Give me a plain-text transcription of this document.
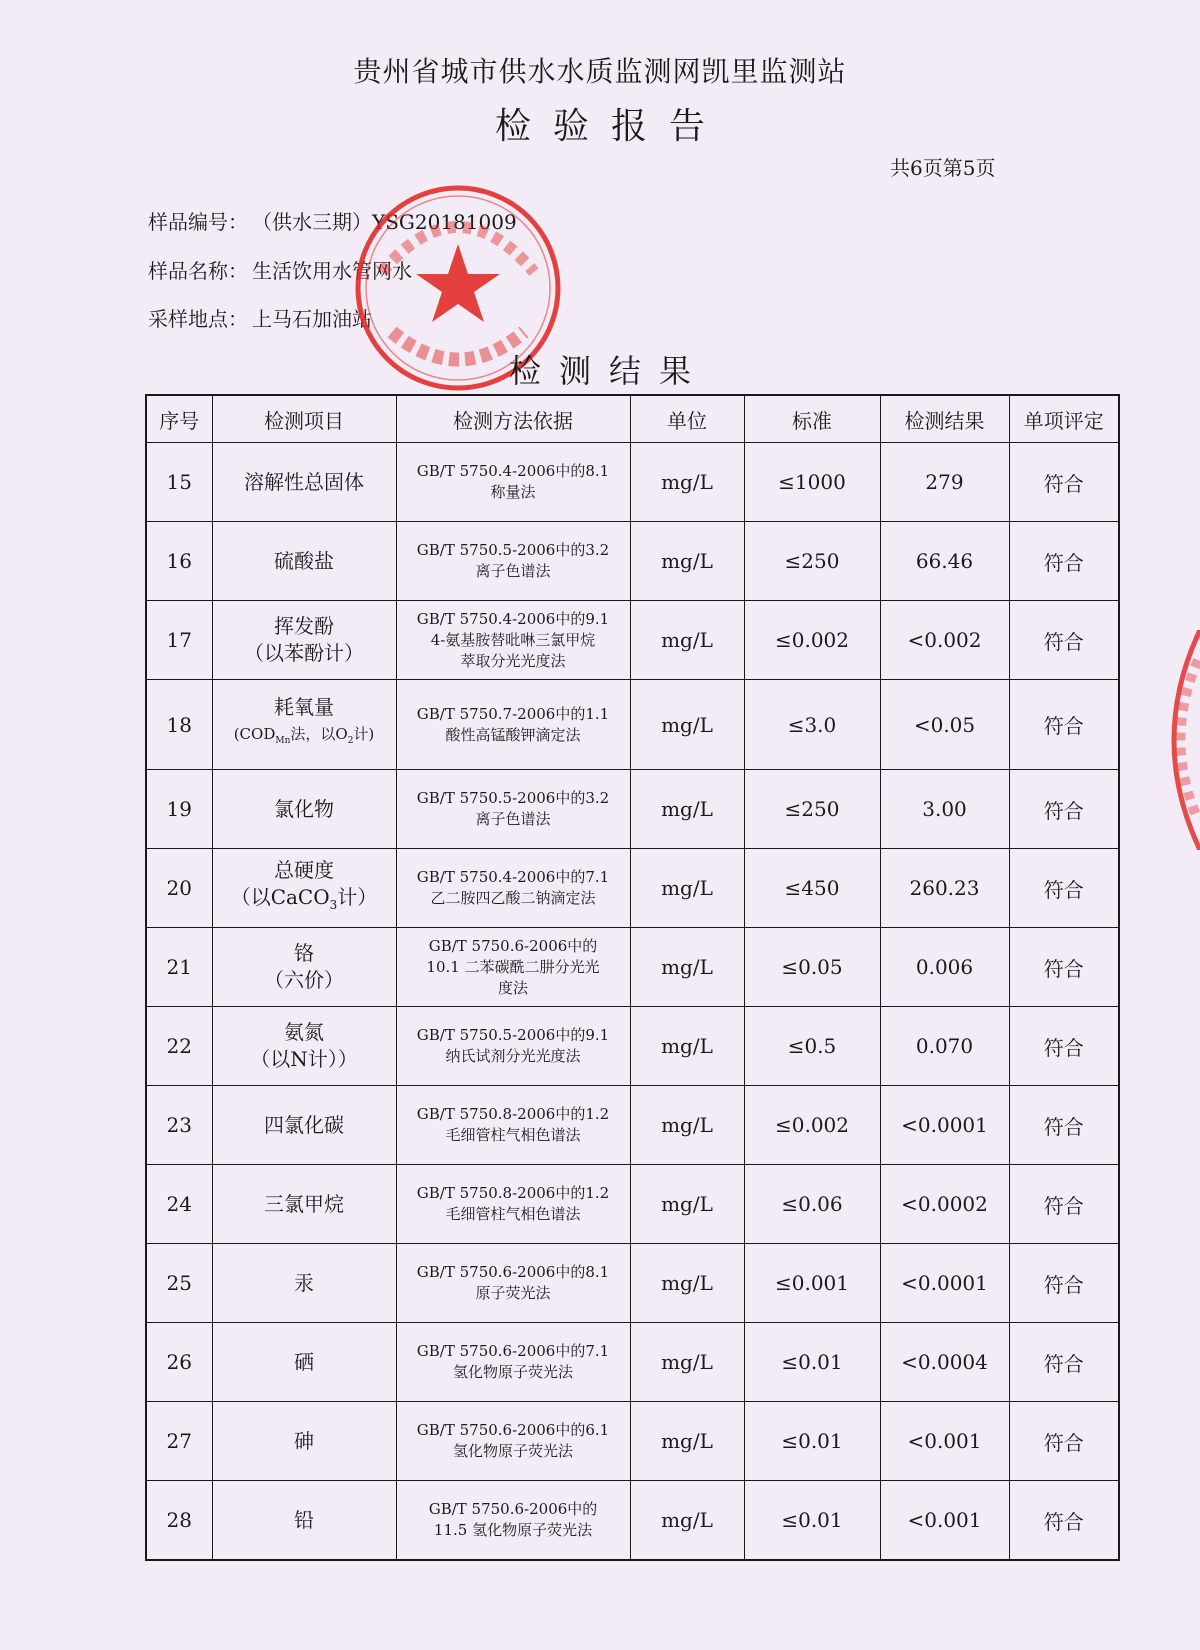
贵州省城市供水水质监测网凯里监测站
检验报告
共6页第5页
样品编号： （供水三期）YSG20181009
样品名称： 生活饮用水管网水
采样地点： 上马石加油站
检测结果
序号	检测项目	检测方法依据	单位	标准	检测结果	单项评定
15	溶解性总固体	GB/T 5750.4-2006中的8.1
称量法	mg/L	≤1000	279	符合
16	硫酸盐	GB/T 5750.5-2006中的3.2
离子色谱法	mg/L	≤250	66.46	符合
17	挥发酚
（以苯酚计）	GB/T 5750.4-2006中的9.1
4-氨基胺替吡啉三氯甲烷
萃取分光光度法	mg/L	≤0.002	<0.002	符合
18	耗氧量
($COD_{Mn}$法，以$O_2$计)	GB/T 5750.7-2006中的1.1
酸性高锰酸钾滴定法	mg/L	≤3.0	<0.05	符合
19	氯化物	GB/T 5750.5-2006中的3.2
离子色谱法	mg/L	≤250	3.00	符合
20	总硬度
（以CaCO$_3$计）	GB/T 5750.4-2006中的7.1
乙二胺四乙酸二钠滴定法	mg/L	≤450	260.23	符合
21	铬
（六价）	GB/T 5750.6-2006中的
10.1 二苯碳酰二肼分光光
度法	mg/L	≤0.05	0.006	符合
22	氨氮
（以N计））	GB/T 5750.5-2006中的9.1
纳氏试剂分光光度法	mg/L	≤0.5	0.070	符合
23	四氯化碳	GB/T 5750.8-2006中的1.2
毛细管柱气相色谱法	mg/L	≤0.002	<0.0001	符合
24	三氯甲烷	GB/T 5750.8-2006中的1.2
毛细管柱气相色谱法	mg/L	≤0.06	<0.0002	符合
25	汞	GB/T 5750.6-2006中的8.1
原子荧光法	mg/L	≤0.001	<0.0001	符合
26	硒	GB/T 5750.6-2006中的7.1
氢化物原子荧光法	mg/L	≤0.01	<0.0004	符合
27	砷	GB/T 5750.6-2006中的6.1
氢化物原子荧光法	mg/L	≤0.01	<0.001	符合
28	铅	GB/T 5750.6-2006中的
11.5 氢化物原子荧光法	mg/L	≤0.01	<0.001	符合
